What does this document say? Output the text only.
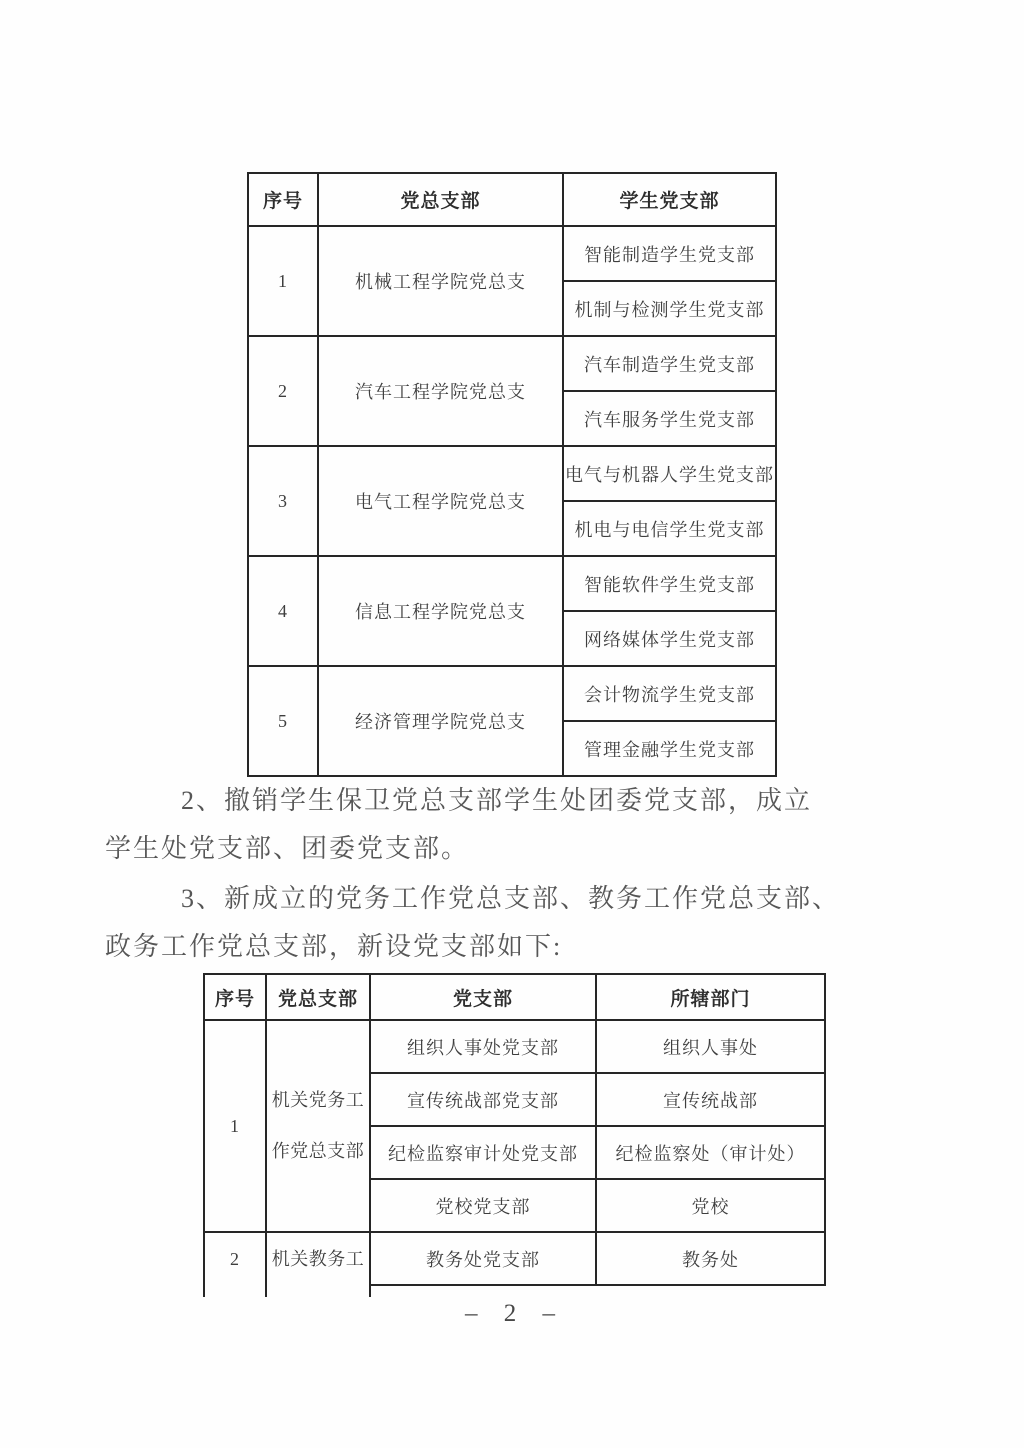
序号	党总支部	学生党支部
1	机械工程学院党总支	智能制造学生党支部
		机制与检测学生党支部
2	汽车工程学院党总支	汽车制造学生党支部
		汽车服务学生党支部
3	电气工程学院党总支	电气与机器人学生党支部
		机电与电信学生党支部
4	信息工程学院党总支	智能软件学生党支部
		网络媒体学生党支部
5	经济管理学院党总支	会计物流学生党支部
		管理金融学生党支部
2、撤销学生保卫党总支部学生处团委党支部，成立
学生处党支部、团委党支部。
3、新成立的党务工作党总支部、教务工作党总支部、
政务工作党总支部，新设党支部如下:
序号	党总支部	党支部	所辖部门
1	机关党务工作党总支部	组织人事处党支部	组织人事处
		宣传统战部党支部	宣传统战部
		纪检监察审计处党支部	纪检监察处（审计处）
		党校党支部	党校
2	机关教务工	教务处党支部	教务处

– 2 –
